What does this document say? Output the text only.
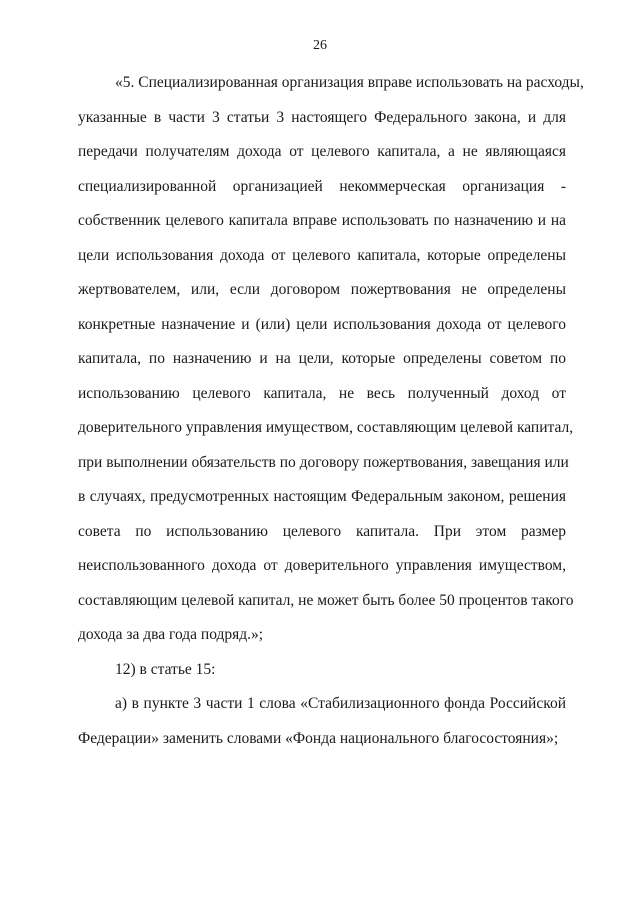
26
«5. Специализированная организация вправе использовать на расходы,
указанные в части 3 статьи 3 настоящего Федерального закона, и для
передачи получателям дохода от целевого капитала, а не являющаяся
специализированной организацией некоммерческая организация -
собственник целевого капитала вправе использовать по назначению и на
цели использования дохода от целевого капитала, которые определены
жертвователем, или, если договором пожертвования не определены
конкретные назначение и (или) цели использования дохода от целевого
капитала, по назначению и на цели, которые определены советом по
использованию целевого капитала, не весь полученный доход от
доверительного управления имуществом, составляющим целевой капитал,
при выполнении обязательств по договору пожертвования, завещания или
в случаях, предусмотренных настоящим Федеральным законом, решения
совета по использованию целевого капитала. При этом размер
неиспользованного дохода от доверительного управления имуществом,
составляющим целевой капитал, не может быть более 50 процентов такого
дохода за два года подряд.»;
12) в статье 15:
а) в пункте 3 части 1 слова «Стабилизационного фонда Российской
Федерации» заменить словами «Фонда национального благосостояния»;
